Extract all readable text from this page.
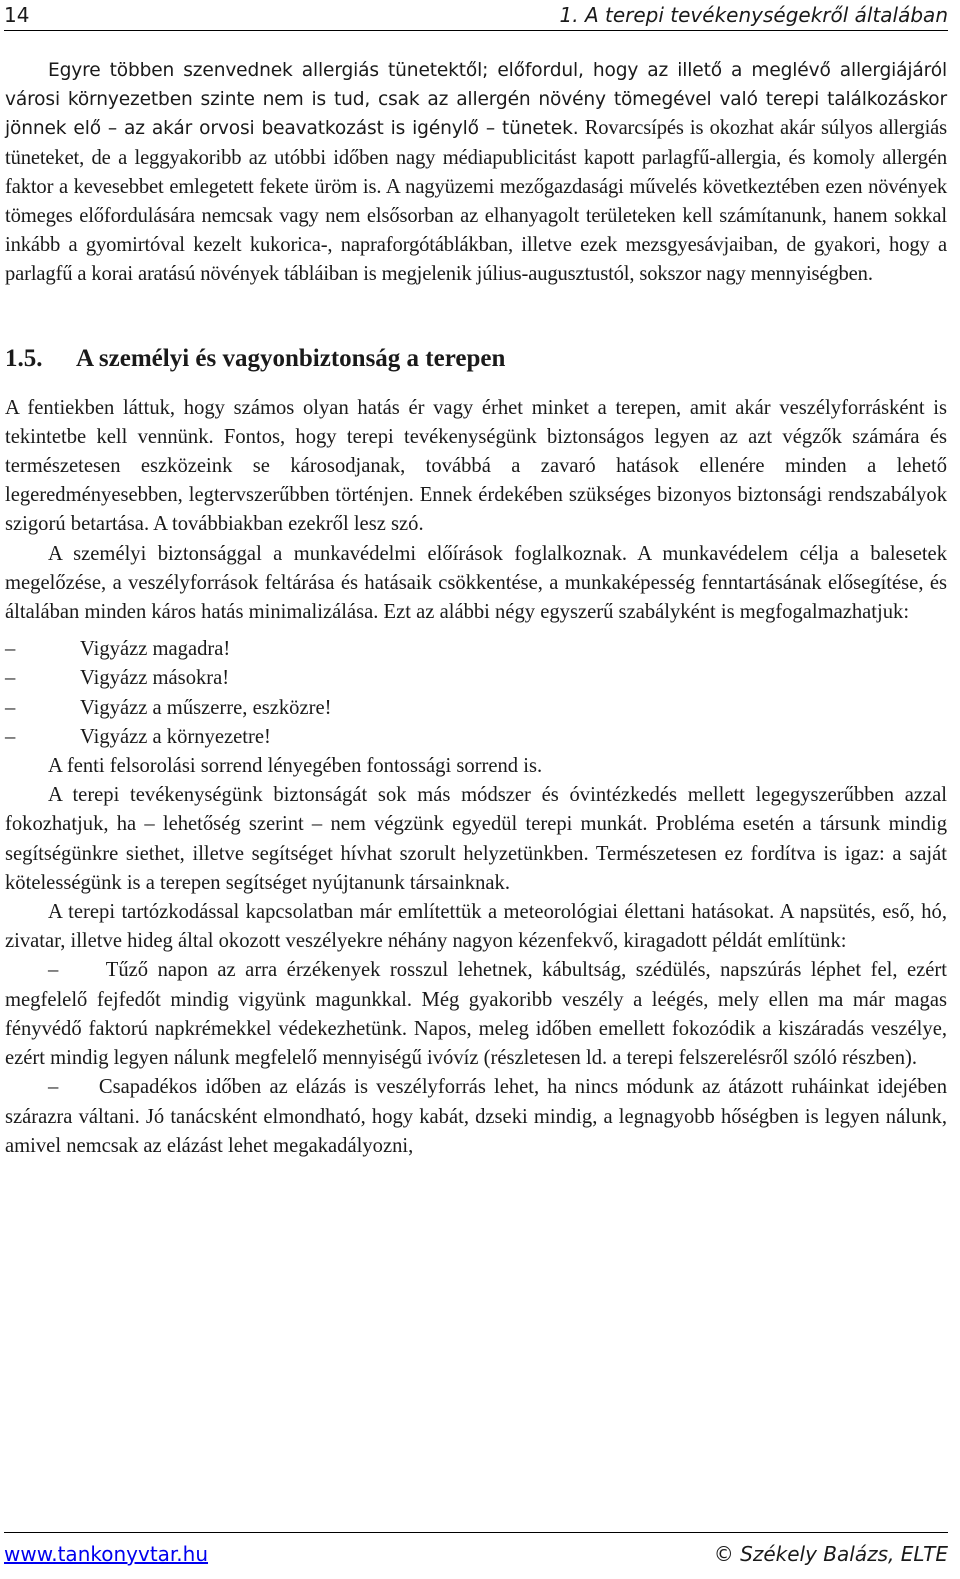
14	1. A terepi tevékenységekről általában

Egyre többen szenvednek allergiás tünetektől; előfordul, hogy az illető a meglévő allergiájáról városi környezetben szinte nem is tud, csak az allergén növény tömegével való terepi találkozáskor jönnek elő – az akár orvosi beavatkozást is igénylő – tünetek. Rovarcsípés is okozhat akár súlyos allergiás tüneteket, de a leggyakoribb az utóbbi időben nagy médiapublicitást kapott parlagfű-allergia, és komoly allergén faktor a kevesebbet emlegetett fekete üröm is. A nagyüzemi mezőgazdasági művelés következtében ezen növények tömeges előfordulására nemcsak vagy nem elsősorban az elhanyagolt területeken kell számítanunk, hanem sokkal inkább a gyomirtóval kezelt kukorica-, napraforgótáblákban, illetve ezek mezsgyesávjaiban, de gyakori, hogy a parlagfű a korai aratású növények tábláiban is megjelenik július-augusztustól, sokszor nagy mennyiségben.

1.5.	A személyi és vagyonbiztonság a terepen

A fentiekben láttuk, hogy számos olyan hatás ér vagy érhet minket a terepen, amit akár veszélyforrásként is tekintetbe kell vennünk. Fontos, hogy terepi tevékenységünk biztonságos legyen az azt végzők számára és természetesen eszközeink se károsodjanak, továbbá a zavaró hatások ellenére minden a lehető legeredményesebben, legtervszerűbben történjen. Ennek érdekében szükséges bizonyos biztonsági rendszabályok szigorú betartása. A továbbiakban ezekről lesz szó.

A személyi biztonsággal a munkavédelmi előírások foglalkoznak. A munkavédelem célja a balesetek megelőzése, a veszélyforrások feltárása és hatásaik csökkentése, a munkaképesség fenntartásának elősegítése, és általában minden káros hatás minimalizálása. Ezt az alábbi négy egyszerű szabályként is megfogalmazhatjuk:

–	Vigyázz magadra!
–	Vigyázz másokra!
–	Vigyázz a műszerre, eszközre!
–	Vigyázz a környezetre!

A fenti felsorolási sorrend lényegében fontossági sorrend is.

A terepi tevékenységünk biztonságát sok más módszer és óvintézkedés mellett legegyszerűbben azzal fokozhatjuk, ha – lehetőség szerint – nem végzünk egyedül terepi munkát. Probléma esetén a társunk mindig segítségünkre siethet, illetve segítséget hívhat szorult helyzetünkben. Természetesen ez fordítva is igaz: a saját kötelességünk is a terepen segítséget nyújtanunk társainknak.

A terepi tartózkodással kapcsolatban már említettük a meteorológiai élettani hatásokat. A napsütés, eső, hó, zivatar, illetve hideg által okozott veszélyekre néhány nagyon kézenfekvő, kiragadott példát említünk:

– Tűző napon az arra érzékenyek rosszul lehetnek, kábultság, szédülés, napszúrás léphet fel, ezért megfelelő fejfedőt mindig vigyünk magunkkal. Még gyakoribb veszély a leégés, mely ellen ma már magas fényvédő faktorú napkrémekkel védekezhetünk. Napos, meleg időben emellett fokozódik a kiszáradás veszélye, ezért mindig legyen nálunk megfelelő mennyiségű ivóvíz (részletesen ld. a terepi felszerelésről szóló részben).

– Csapadékos időben az elázás is veszélyforrás lehet, ha nincs módunk az átázott ruháinkat idejében szárazra váltani. Jó tanácsként elmondható, hogy kabát, dzseki mindig, a legnagyobb hőségben is legyen nálunk, amivel nemcsak az elázást lehet megakadályozni,

www.tankonyvtar.hu	© Székely Balázs, ELTE
